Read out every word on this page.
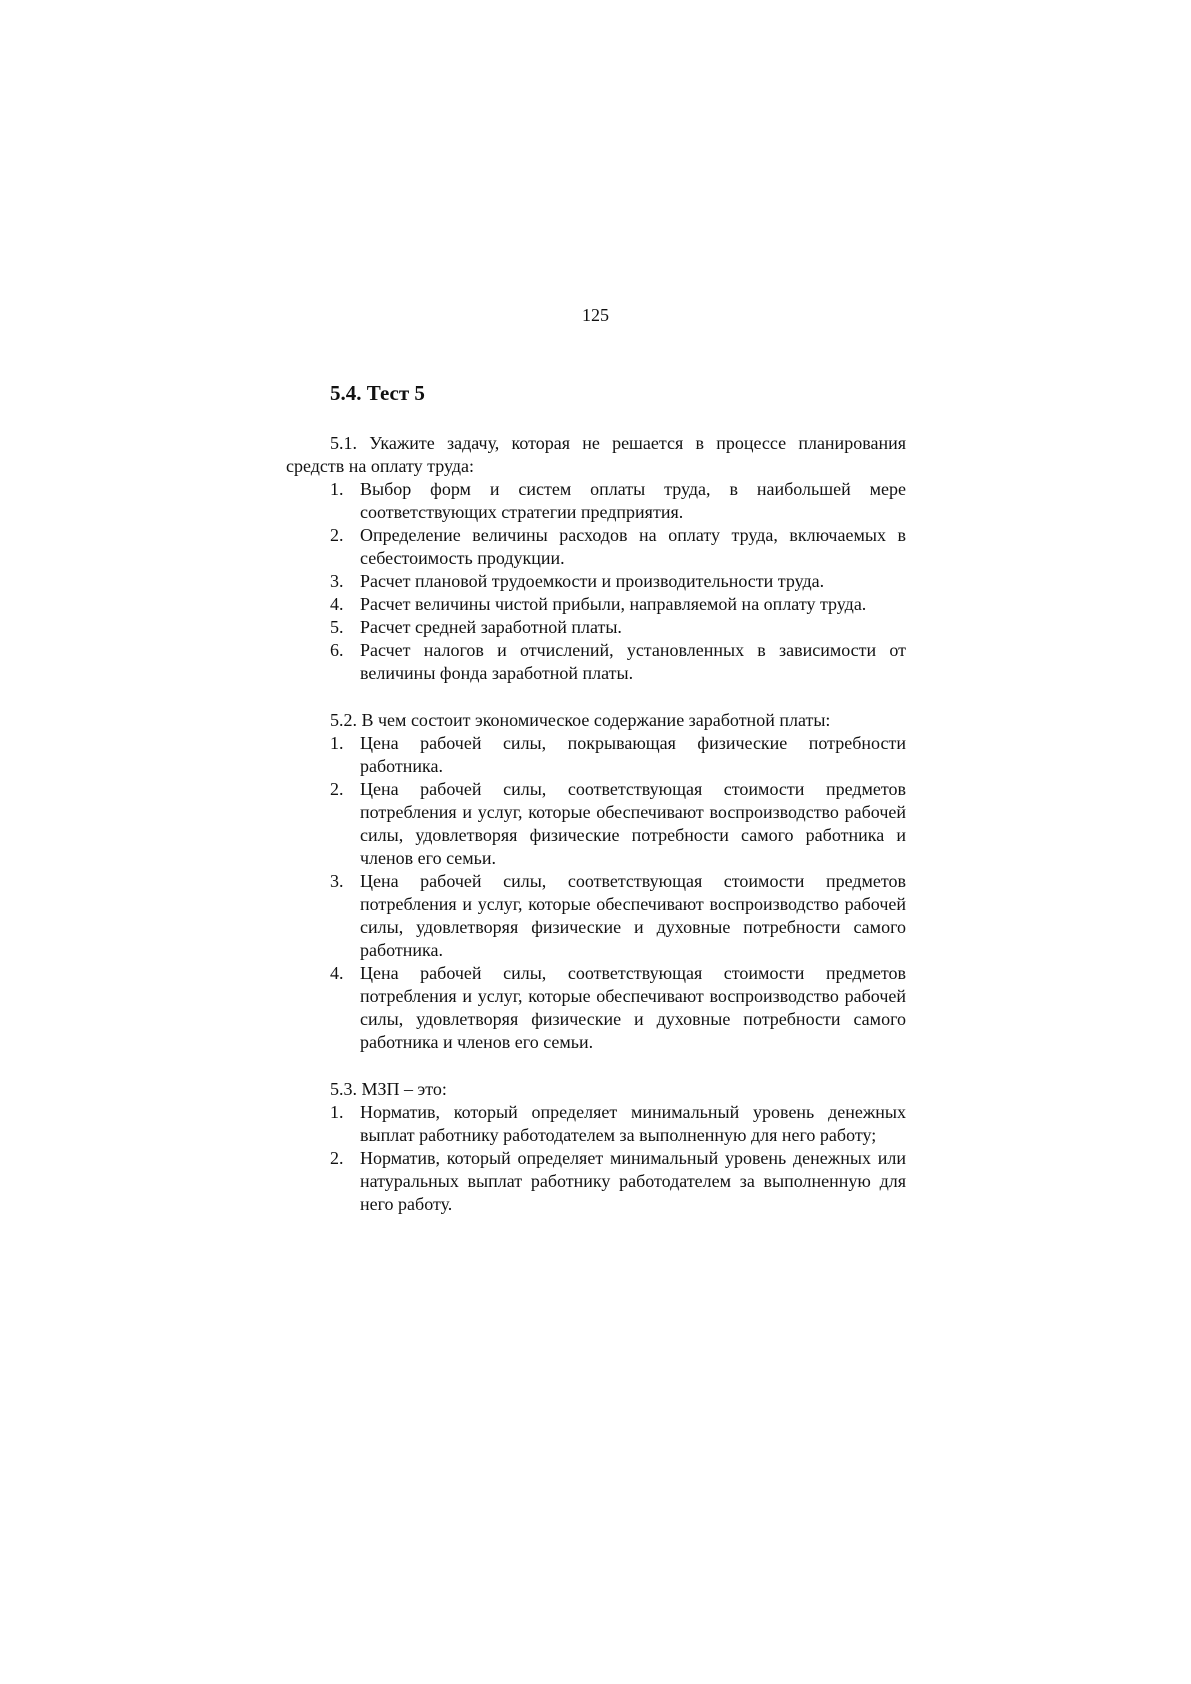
125
5.4. Тест 5

5.1. Укажите задачу, которая не решается в процессе планирования средств на оплату труда:

1. Выбор форм и систем оплаты труда, в наибольшей мере соответствующих стратегии предприятия.
2. Определение величины расходов на оплату труда, включаемых в себестоимость продукции.
3. Расчет плановой трудоемкости и производительности труда.
4. Расчет величины чистой прибыли, направляемой на оплату труда.
5. Расчет средней заработной платы.
6. Расчет налогов и отчислений, установленных в зависимости от величины фонда заработной платы.

5.2. В чем состоит экономическое содержание заработной платы:

1. Цена рабочей силы, покрывающая физические потребности работника.
2. Цена рабочей силы, соответствующая стоимости предметов потребления и услуг, которые обеспечивают воспроизводство рабочей силы, удовлетворяя физические потребности самого работника и членов его семьи.
3. Цена рабочей силы, соответствующая стоимости предметов потребления и услуг, которые обеспечивают воспроизводство рабочей силы, удовлетворяя физические и духовные потребности самого работника.
4. Цена рабочей силы, соответствующая стоимости предметов потребления и услуг, которые обеспечивают воспроизводство рабочей силы, удовлетворяя физические и духовные потребности самого работника и членов его семьи.

5.3. МЗП – это:

1. Норматив, который определяет минимальный уровень денежных выплат работнику работодателем за выполненную для него работу;
2. Норматив, который определяет минимальный уровень денежных или натуральных выплат работнику работодателем за выполненную для него работу.
